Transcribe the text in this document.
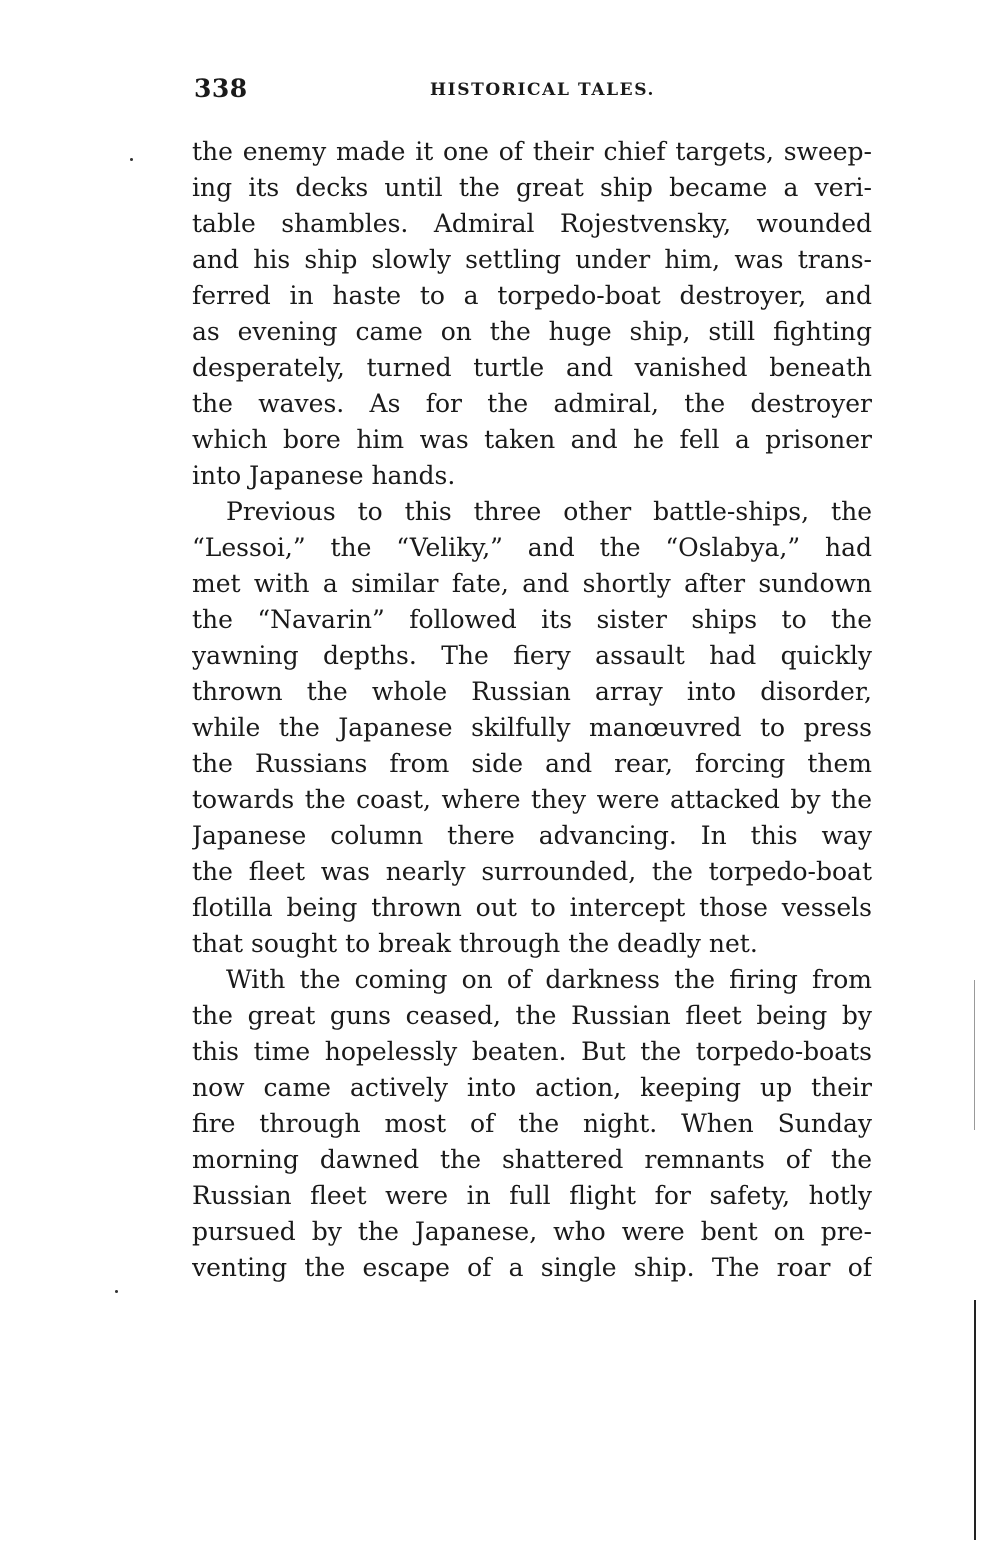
338	HISTORICAL TALES.
the enemy made it one of their chief targets, sweep-
ing its decks until the great ship became a veri-
table shambles. Admiral Rojestvensky, wounded
and his ship slowly settling under him, was trans-
ferred in haste to a torpedo-boat destroyer, and
as evening came on the huge ship, still fighting
desperately, turned turtle and vanished beneath
the waves. As for the admiral, the destroyer
which bore him was taken and he fell a prisoner
into Japanese hands.
Previous to this three other battle-ships, the
“Lessoi,” the “Veliky,” and the “Oslabya,” had
met with a similar fate, and shortly after sundown
the “Navarin” followed its sister ships to the
yawning depths. The fiery assault had quickly
thrown the whole Russian array into disorder,
while the Japanese skilfully manœuvred to press
the Russians from side and rear, forcing them
towards the coast, where they were attacked by the
Japanese column there advancing. In this way
the fleet was nearly surrounded, the torpedo-boat
flotilla being thrown out to intercept those vessels
that sought to break through the deadly net.
With the coming on of darkness the firing from
the great guns ceased, the Russian fleet being by
this time hopelessly beaten. But the torpedo-boats
now came actively into action, keeping up their
fire through most of the night. When Sunday
morning dawned the shattered remnants of the
Russian fleet were in full flight for safety, hotly
pursued by the Japanese, who were bent on pre-
venting the escape of a single ship. The roar of
